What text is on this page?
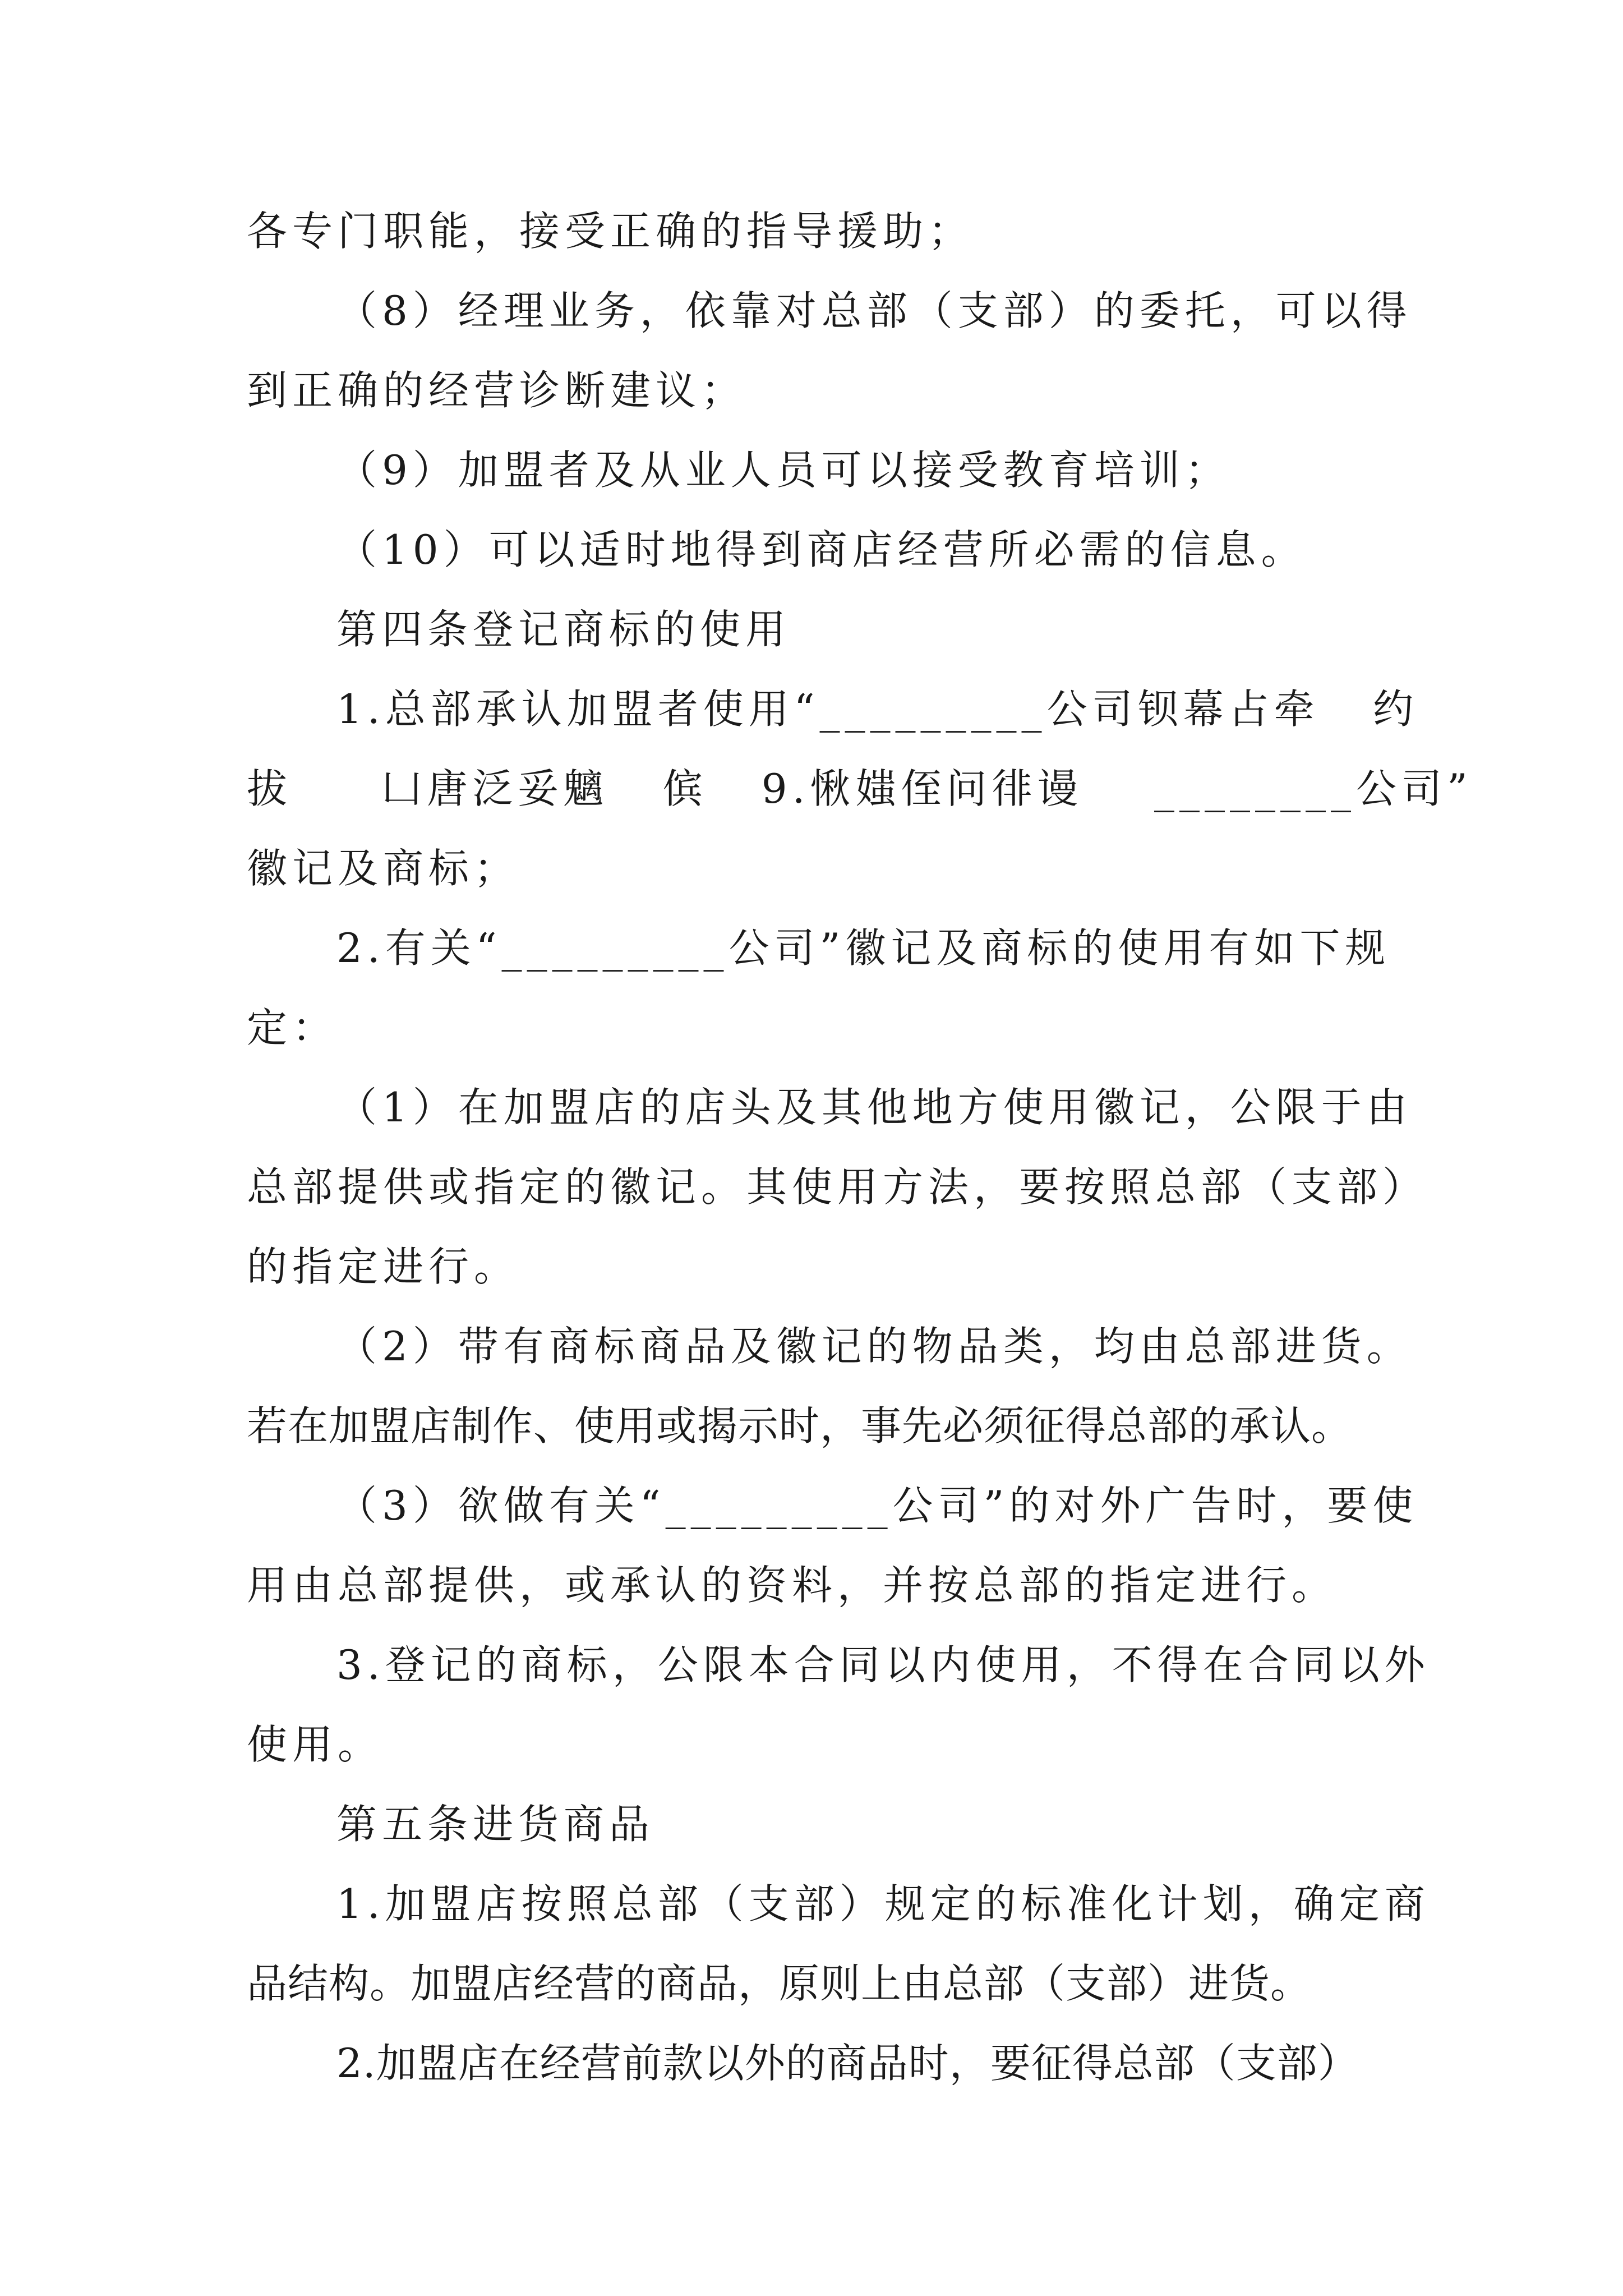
各专门职能，接受正确的指导援助；
（8）经理业务，依靠对总部（支部）的委托，可以得
到正确的经营诊断建议；
（9）加盟者及从业人员可以接受教育培训；
（10）可以适时地得到商店经营所必需的信息。
第四条登记商标的使用
1.总部承认加盟者使用“_________公司钡幕占牵   约
拔     凵唐泛妥魑   傧   9.愀媸侄问徘谩    ________公司”
徽记及商标；
2.有关“_________公司”徽记及商标的使用有如下规
定：
（1）在加盟店的店头及其他地方使用徽记，公限于由
总部提供或指定的徽记。其使用方法，要按照总部（支部）
的指定进行。
（2）带有商标商品及徽记的物品类，均由总部进货。
若在加盟店制作、使用或揭示时，事先必须征得总部的承认。
（3）欲做有关“_________公司”的对外广告时，要使
用由总部提供，或承认的资料，并按总部的指定进行。
3.登记的商标，公限本合同以内使用，不得在合同以外
使用。
第五条进货商品
1.加盟店按照总部（支部）规定的标准化计划，确定商
品结构。加盟店经营的商品，原则上由总部（支部）进货。
2.加盟店在经营前款以外的商品时，要征得总部（支部）
